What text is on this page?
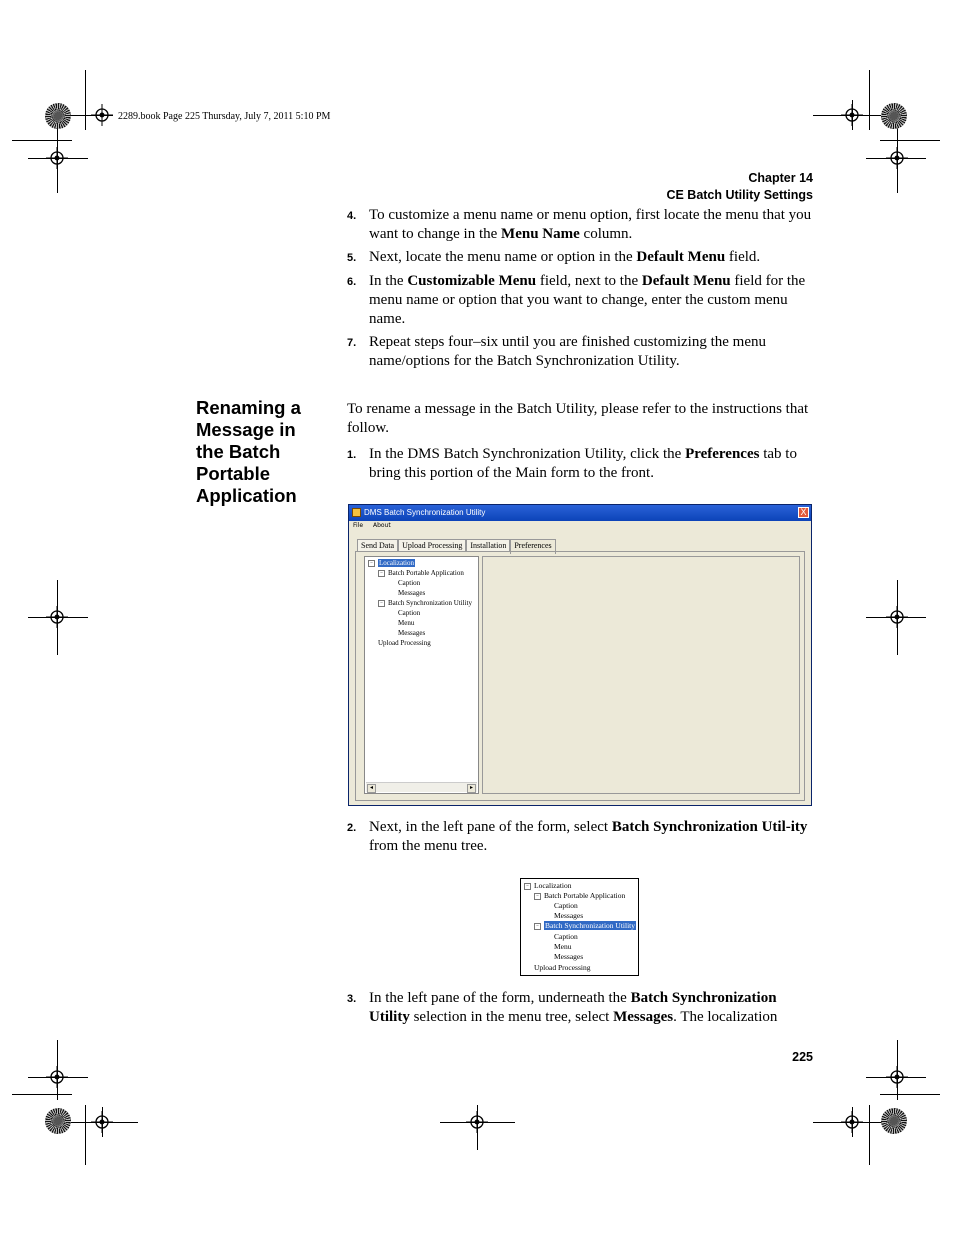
2289.book Page 225 Thursday, July 7, 2011 5:10 PM
Chapter 14
CE Batch Utility Settings
4. To customize a menu name or menu option, first locate the menu that you want to change in the Menu Name column.
5. Next, locate the menu name or option in the Default Menu field.
6. In the Customizable Menu field, next to the Default Menu field for the menu name or option that you want to change, enter the custom menu name.
7. Repeat steps four–six until you are finished customizing the menu name/options for the Batch Synchronization Utility.
Renaming a Message in the Batch Portable Application
To rename a message in the Batch Utility, please refer to the instructions that follow.
1. In the DMS Batch Synchronization Utility, click the Preferences tab to bring this portion of the Main form to the front.
DMS Batch Synchronization Utility	X
File About
Send Data Upload Processing Installation Preferences
− Localization
− Batch Portable Application
Caption
Messages
− Batch Synchronization Utility
Caption
Menu
Messages
Upload Processing
◂	▸
2. Next, in the left pane of the form, select Batch Synchronization Util-ity from the menu tree.
− Localization
− Batch Portable Application
Caption
Messages
− Batch Synchronization Utility
Caption
Menu
Messages
Upload Processing
3. In the left pane of the form, underneath the Batch Synchronization Utility selection in the menu tree, select Messages. The localization
225
